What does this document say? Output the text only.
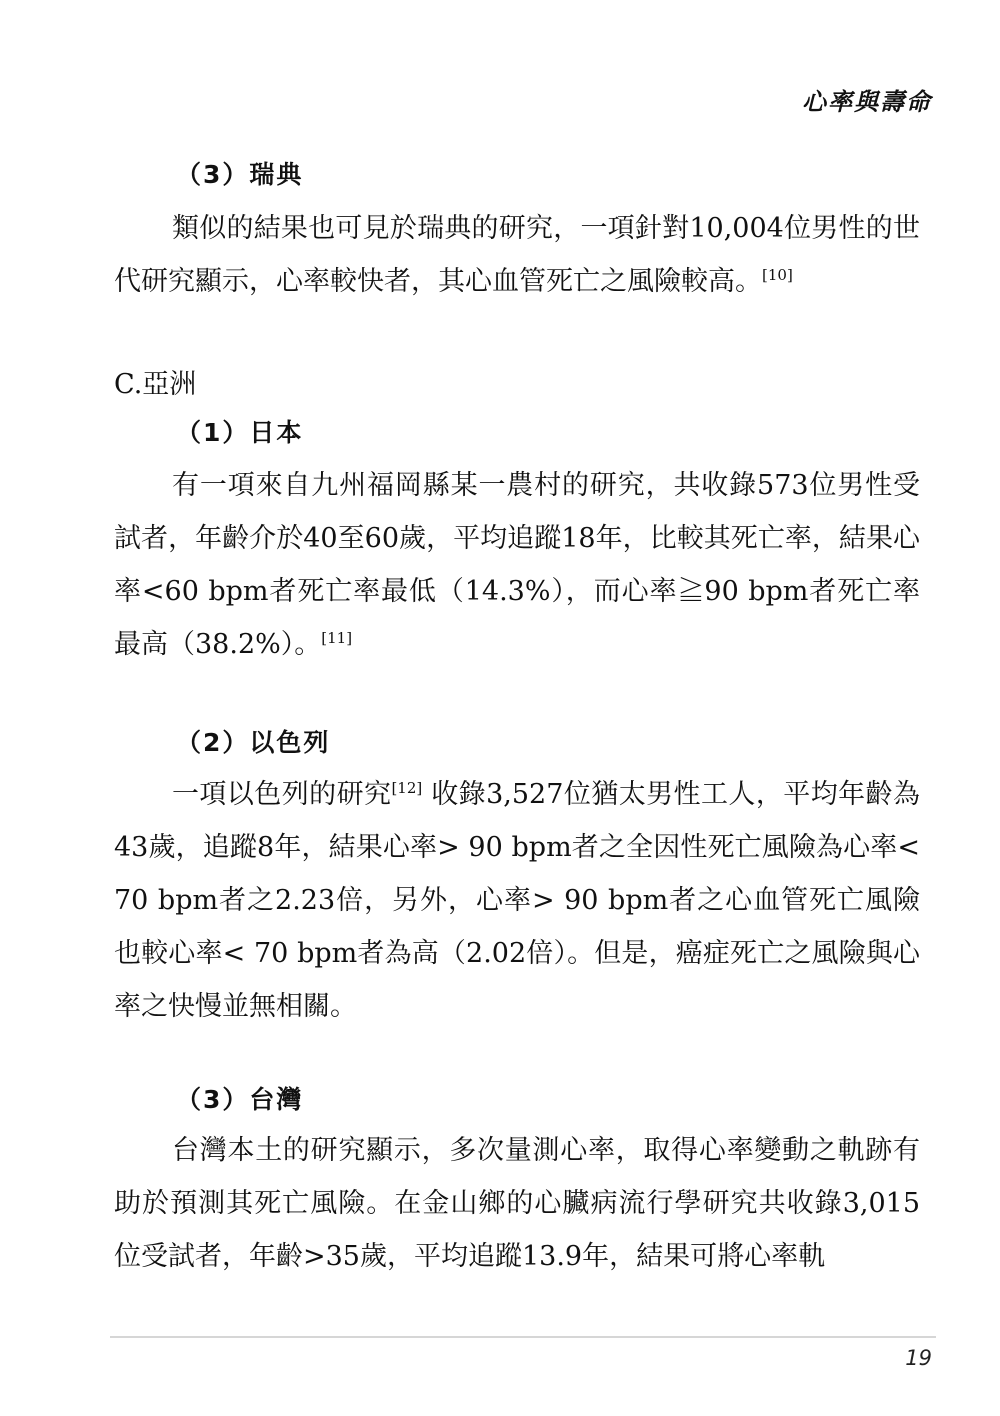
心率與壽命
（3）瑞典

類似的結果也可見於瑞典的研究，一項針對10,004位男性的世代研究顯示，心率較快者，其心血管死亡之風險較高。[10]

C.亞洲
（1）日本

有一項來自九州福岡縣某一農村的研究，共收錄573位男性受試者，年齡介於40至60歲，平均追蹤18年，比較其死亡率，結果心率<60 bpm者死亡率最低（14.3%），而心率≧90 bpm者死亡率最高（38.2%）。[11]

（2）以色列

一項以色列的研究[12] 收錄3,527位猶太男性工人，平均年齡為43歲，追蹤8年，結果心率> 90 bpm者之全因性死亡風險為心率< 70 bpm者之2.23倍，另外，心率> 90 bpm者之心血管死亡風險也較心率< 70 bpm者為高（2.02倍）。但是，癌症死亡之風險與心率之快慢並無相關。

（3）台灣

台灣本土的研究顯示，多次量測心率，取得心率變動之軌跡有助於預測其死亡風險。在金山鄉的心臟病流行學研究共收錄3,015位受試者，年齡>35歲，平均追蹤13.9年，結果可將心率軌

19
